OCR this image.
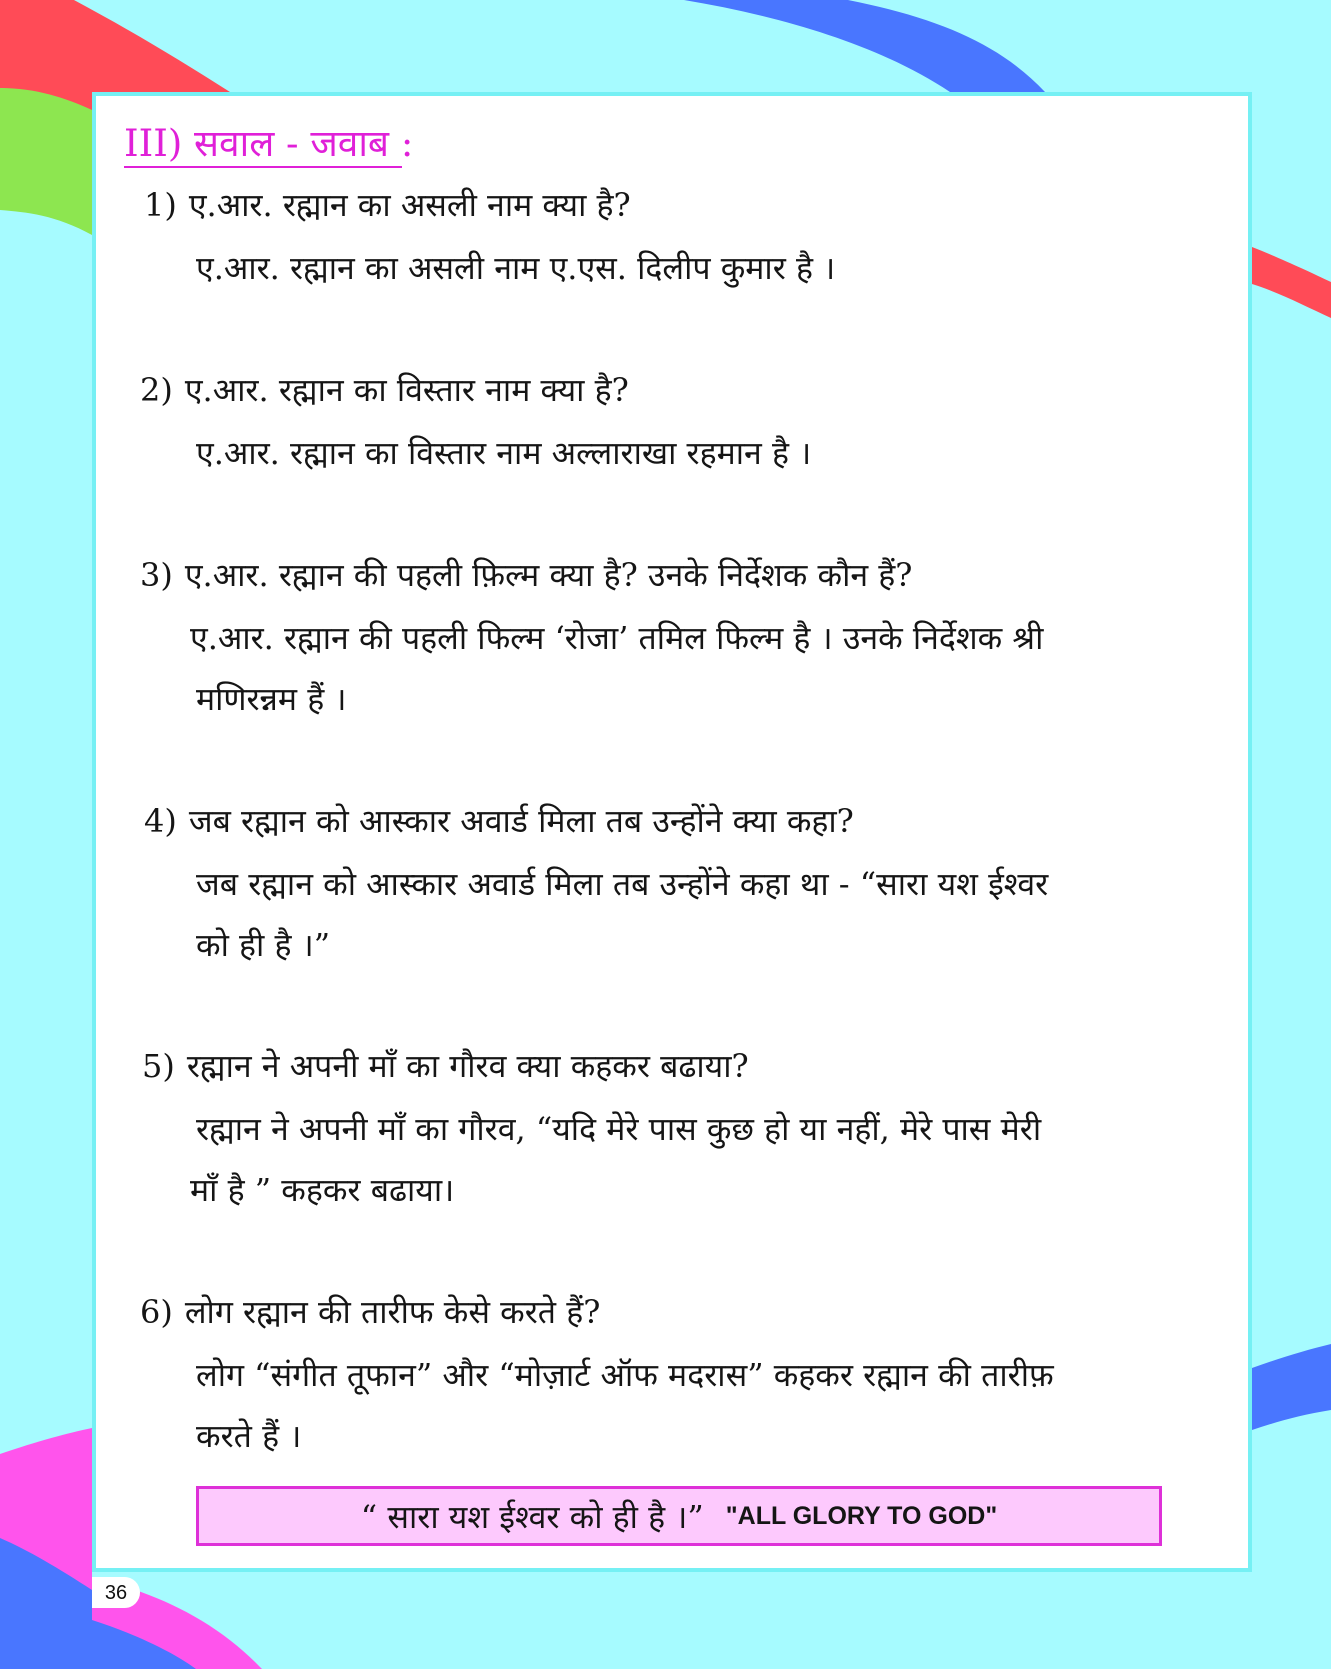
III) सवाल - जवाब :
1) ए.आर. रह्मान का असली नाम क्या है?
ए.आर. रह्मान का असली नाम ए.एस. दिलीप कुमार है ।
2) ए.आर. रह्मान का विस्तार नाम क्या है?
ए.आर. रह्मान का विस्तार नाम अल्लाराखा रहमान है ।
3) ए.आर. रह्मान की पहली फ़िल्म क्या है? उनके निर्देशक कौन हैं?
ए.आर. रह्मान की पहली फिल्म ‘रोजा’ तमिल फिल्म है । उनके निर्देशक श्री
मणिरन्नम हैं ।
4) जब रह्मान को आस्कार अवार्ड मिला तब उन्होंने क्या कहा?
जब रह्मान को आस्कार अवार्ड मिला तब उन्होंने कहा था - “सारा यश ईश्वर
को ही है ।”
5) रह्मान ने अपनी माँ का गौरव क्या कहकर बढाया?
रह्मान ने अपनी माँ का गौरव, “यदि मेरे पास कुछ हो या नहीं, मेरे पास मेरी
माँ है ” कहकर बढाया।
6) लोग रह्मान की तारीफ केसे करते हैं?
लोग “संगीत तूफान” और “मोज़ार्ट ऑफ मदरास” कहकर रह्मान की तारीफ़
करते हैं ।
“ सारा यश ईश्वर को ही है ।” "ALL GLORY TO GOD"
36
